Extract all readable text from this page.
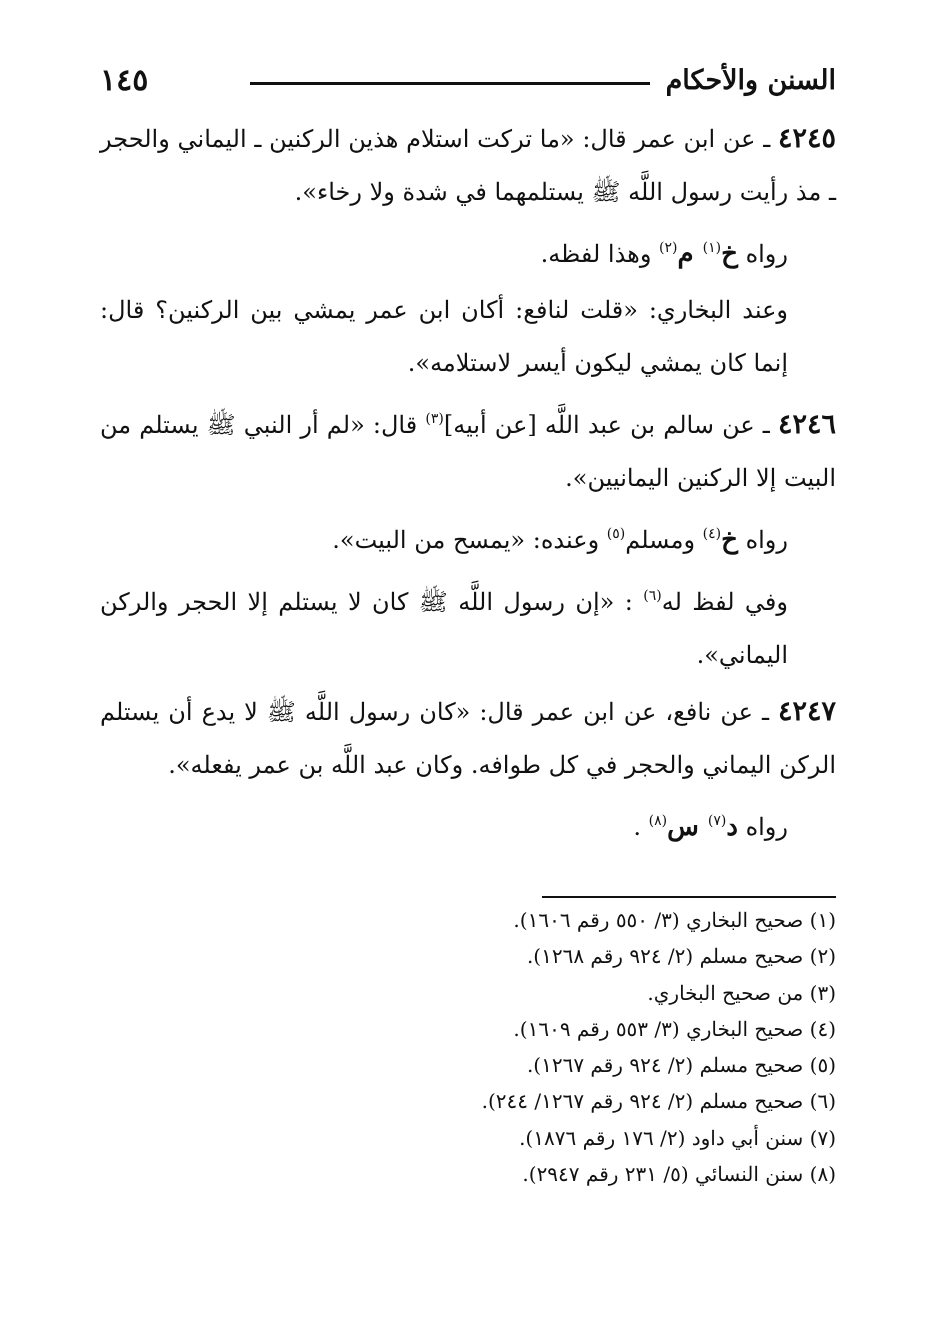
١٤٥	السنن والأحكام

٤٢٤٥ ـ عن ابن عمر قال: «ما تركت استلام هذين الركنين ـ اليماني والحجر ـ مذ رأيت رسول اللَّه ﷺ يستلمهما في شدة ولا رخاء».

رواه خ$^{(١)}$ م$^{(٢)}$ وهذا لفظه.

وعند البخاري: «قلت لنافع: أكان ابن عمر يمشي بين الركنين؟ قال: إنما كان يمشي ليكون أيسر لاستلامه».

٤٢٤٦ ـ عن سالم بن عبد اللَّه [عن أبيه]$^{(٣)}$ قال: «لم أر النبي ﷺ يستلم من البيت إلا الركنين اليمانيين».

رواه خ$^{(٤)}$ ومسلم$^{(٥)}$ وعنده: «يمسح من البيت».

وفي لفظ له$^{(٦)}$ : «إن رسول اللَّه ﷺ كان لا يستلم إلا الحجر والركن اليماني».

٤٢٤٧ ـ عن نافع، عن ابن عمر قال: «كان رسول اللَّه ﷺ لا يدع أن يستلم الركن اليماني والحجر في كل طوافه. وكان عبد اللَّه بن عمر يفعله».

رواه د$^{(٧)}$ س$^{(٨)}$ .

(١) صحيح البخاري (٣/ ٥٥٠ رقم ١٦٠٦).

(٢) صحيح مسلم (٢/ ٩٢٤ رقم ١٢٦٨).

(٣) من صحيح البخاري.

(٤) صحيح البخاري (٣/ ٥٥٣ رقم ١٦٠٩).

(٥) صحيح مسلم (٢/ ٩٢٤ رقم ١٢٦٧).

(٦) صحيح مسلم (٢/ ٩٢٤ رقم ١٢٦٧/ ٢٤٤).

(٧) سنن أبي داود (٢/ ١٧٦ رقم ١٨٧٦).

(٨) سنن النسائي (٥/ ٢٣١ رقم ٢٩٤٧).
